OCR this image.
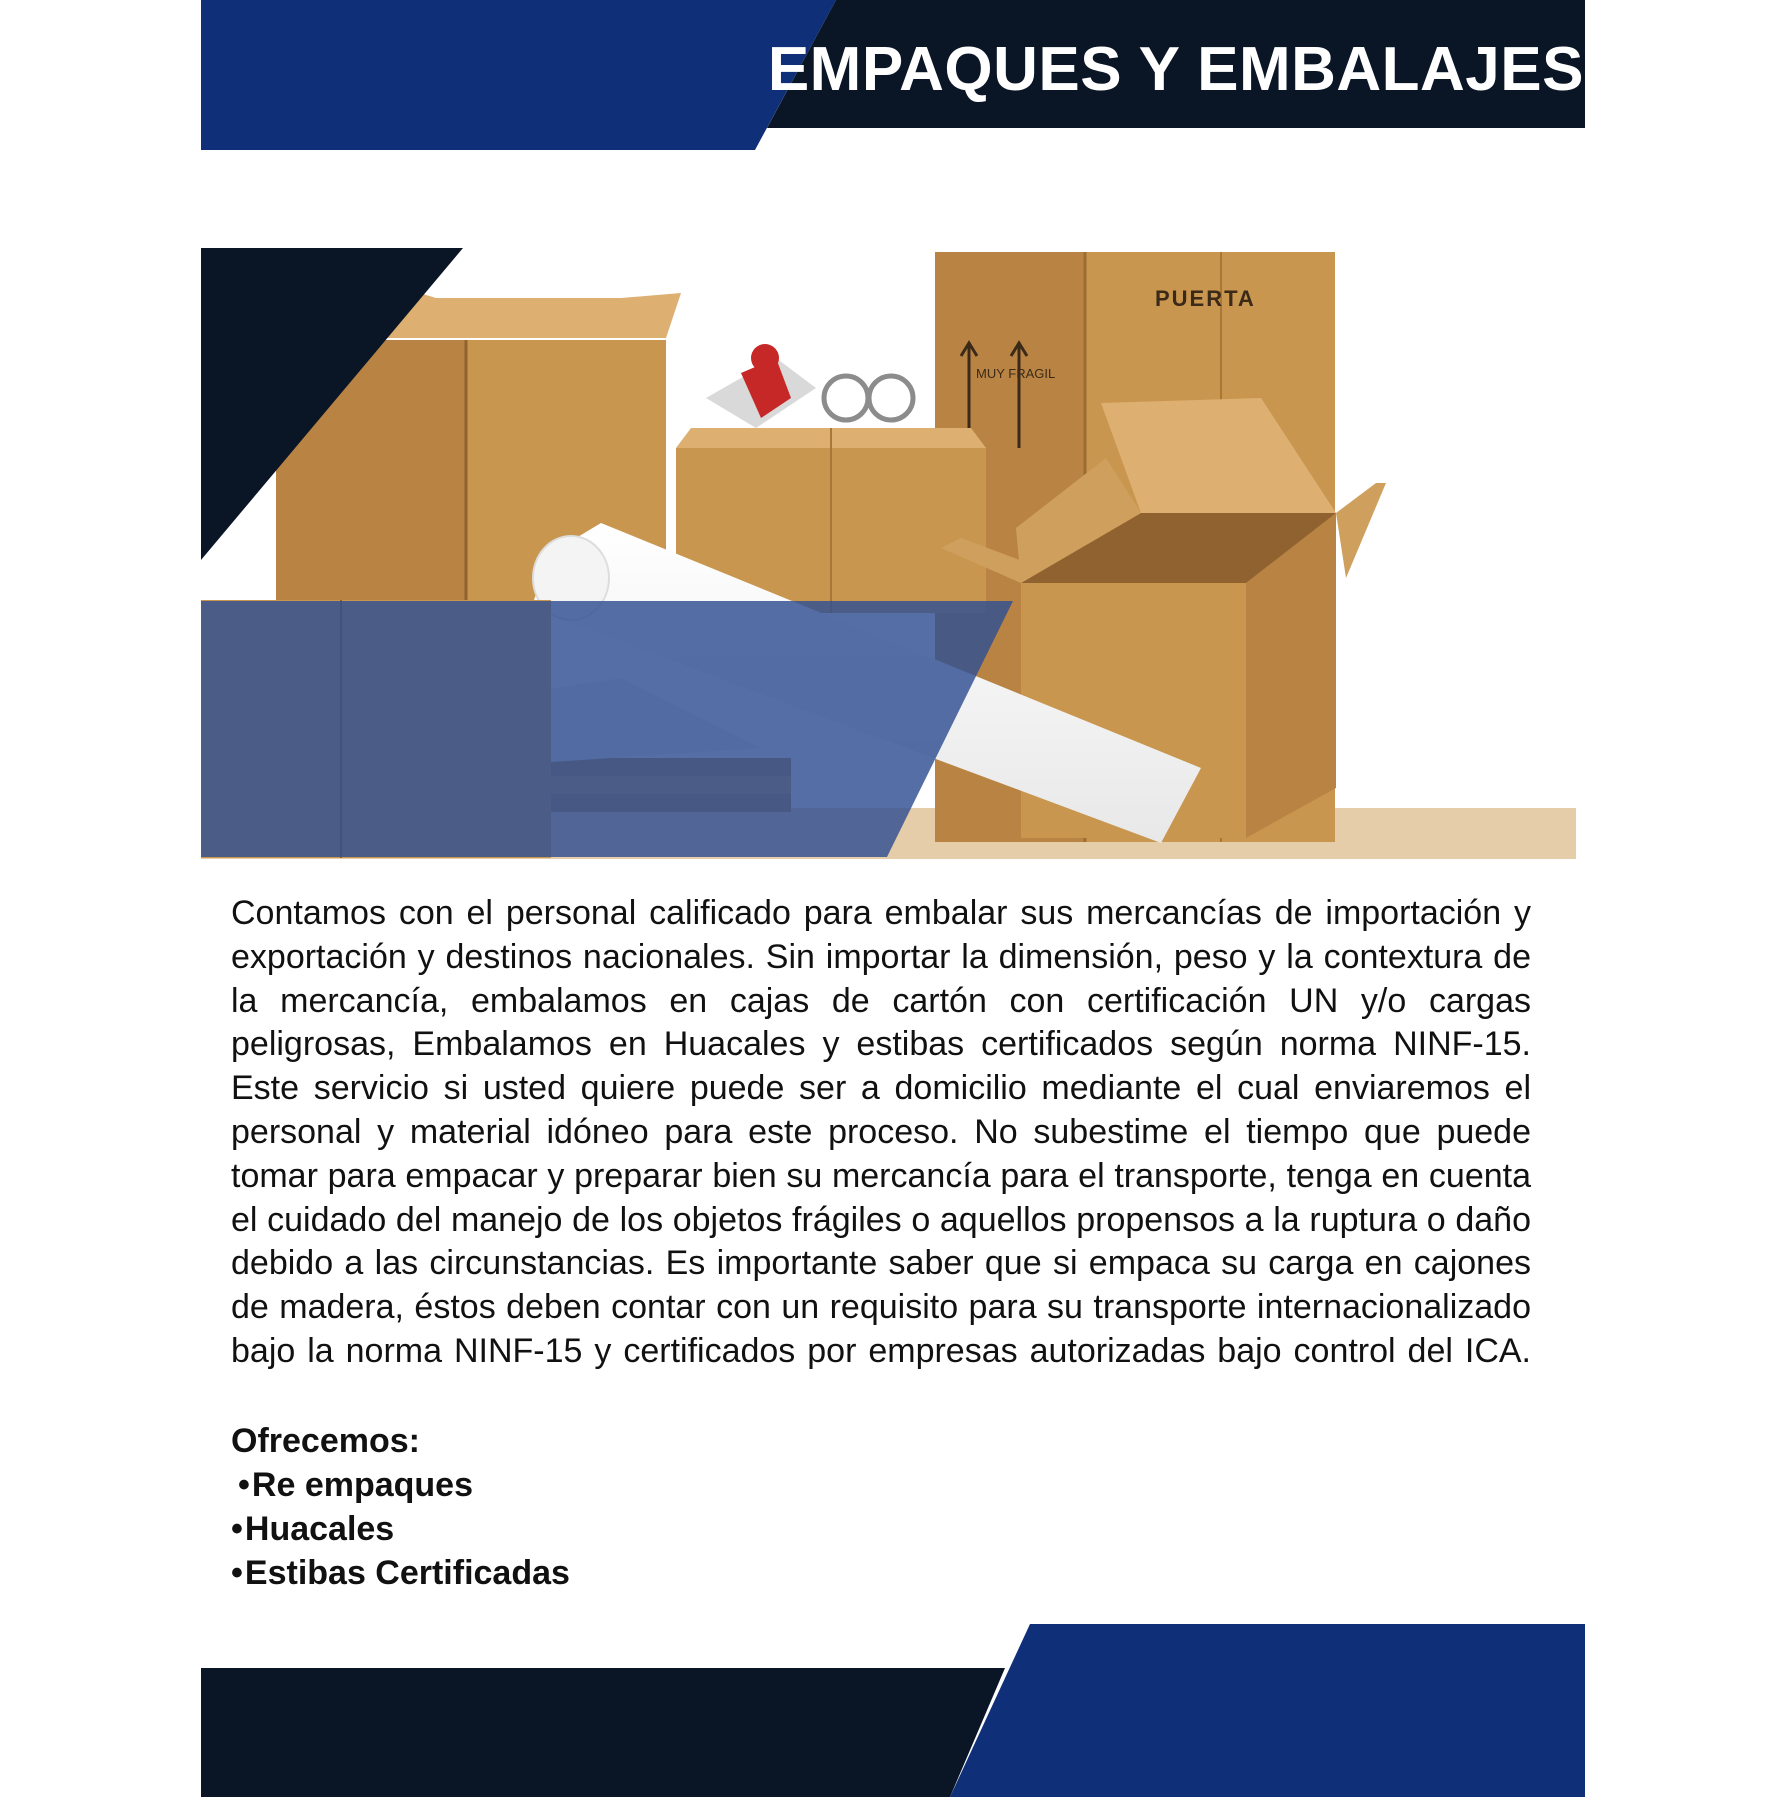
EMPAQUES Y EMBALAJES
PUERTA
MUY FRAGIL

Contamos con el personal calificado para embalar sus mercancías de importación y exportación y destinos nacionales. Sin importar la dimensión, peso y la contextura de la mercancía, embalamos en cajas de cartón con certificación UN y/o cargas peligrosas, Embalamos en Huacales y estibas certificados según norma NINF-15. Este servicio si usted quiere puede ser a domicilio mediante el cual enviaremos el personal y material idóneo para este proceso. No subestime el tiempo que puede tomar para empacar y preparar bien su mercancía para el transporte, tenga en cuenta el cuidado del manejo de los objetos frágiles o aquellos propensos a la ruptura o daño debido a las circunstancias. Es importante saber que si empaca su carga en cajones de madera, éstos deben contar con un requisito para su transporte internacionalizado bajo la norma NINF-15 y certificados por empresas autorizadas bajo control del ICA.

Ofrecemos:

•Re empaques
•Huacales
•Estibas Certificadas
